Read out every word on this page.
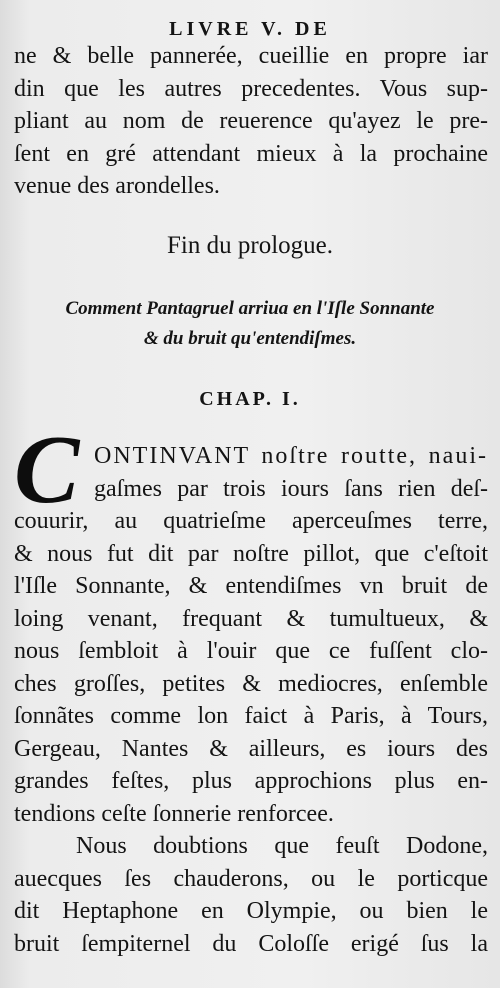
LIVRE V. DE
ne & belle pannerée, cueillie en propre iar
din que les autres precedentes. Vous sup-
pliant au nom de reuerence qu'ayez le pre-
ſent en gré attendant mieux à la prochaine
venue des arondelles.
Fin du prologue.
Comment Pantagruel arriua en l'Iſle Sonnante
& du bruit qu'entendiſmes.
CHAP. I.
C ONTINVANT noſtre routte, naui-
gaſmes par trois iours ſans rien deſ-
couurir, au quatrieſme aperceuſmes terre,
& nous fut dit par noſtre pillot, que c'eſtoit
l'Iſle Sonnante, & entendiſmes vn bruit de
loing venant, frequant & tumultueux, &
nous ſembloit à l'ouir que ce fuſſent clo-
ches groſſes, petites & mediocres, enſemble
ſonnãtes comme lon faict à Paris, à Tours,
Gergeau, Nantes & ailleurs, es iours des
grandes feſtes, plus approchions plus en-
tendions ceſte ſonnerie renforcee.
Nous doubtions que feuſt Dodone,
auecques ſes chauderons, ou le porticque
dit Heptaphone en Olympie, ou bien le
bruit ſempiternel du Coloſſe erigé ſus la
